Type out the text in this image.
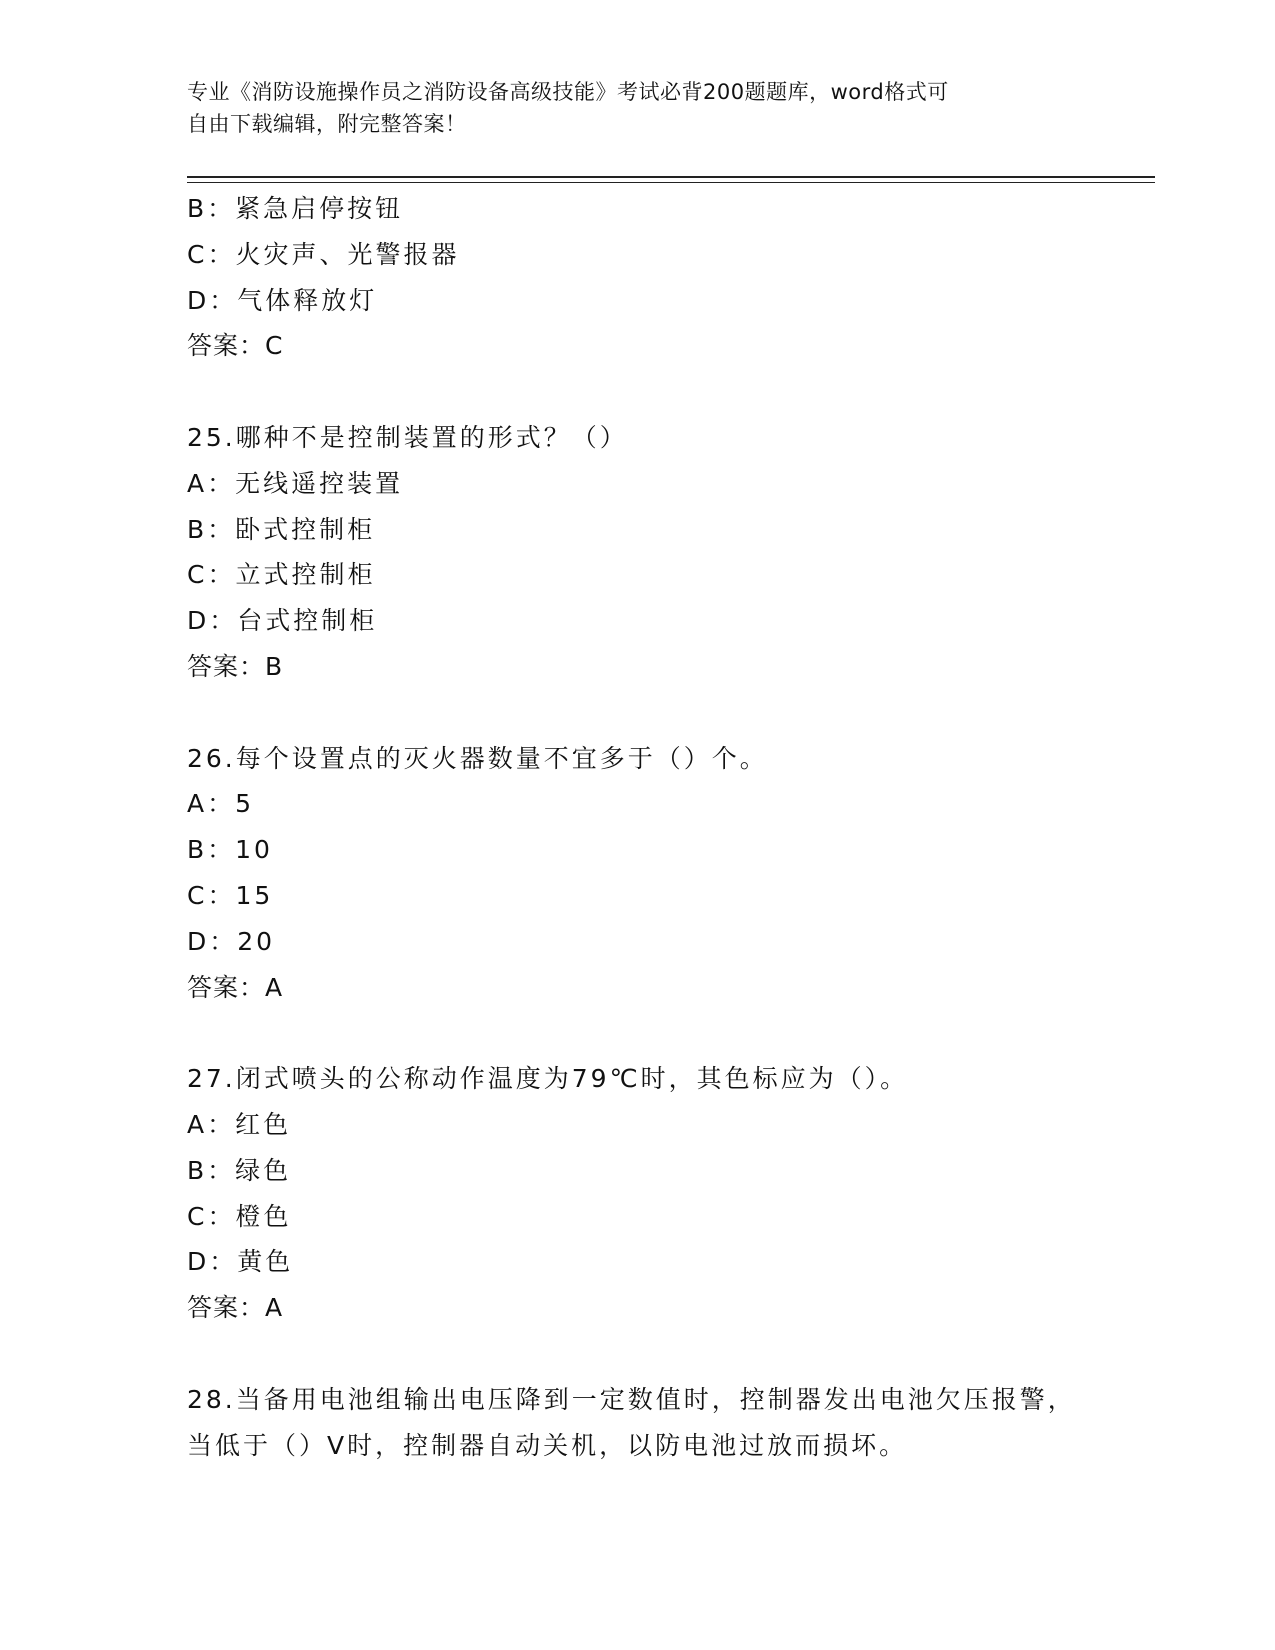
专业《消防设施操作员之消防设备高级技能》考试必背200题题库，word格式可
自由下载编辑，附完整答案！
B：紧急启停按钮
C：火灾声、光警报器
D：气体释放灯
答案：C
25.哪种不是控制装置的形式？（）
A：无线遥控装置
B：卧式控制柜
C：立式控制柜
D：台式控制柜
答案：B
26.每个设置点的灭火器数量不宜多于（）个。
A：5
B：10
C：15
D：20
答案：A
27.闭式喷头的公称动作温度为79℃时，其色标应为（）。
A：红色
B：绿色
C：橙色
D：黄色
答案：A
28.当备用电池组输出电压降到一定数值时，控制器发出电池欠压报警，当低于（）V时，控制器自动关机，以防电池过放而损坏。
